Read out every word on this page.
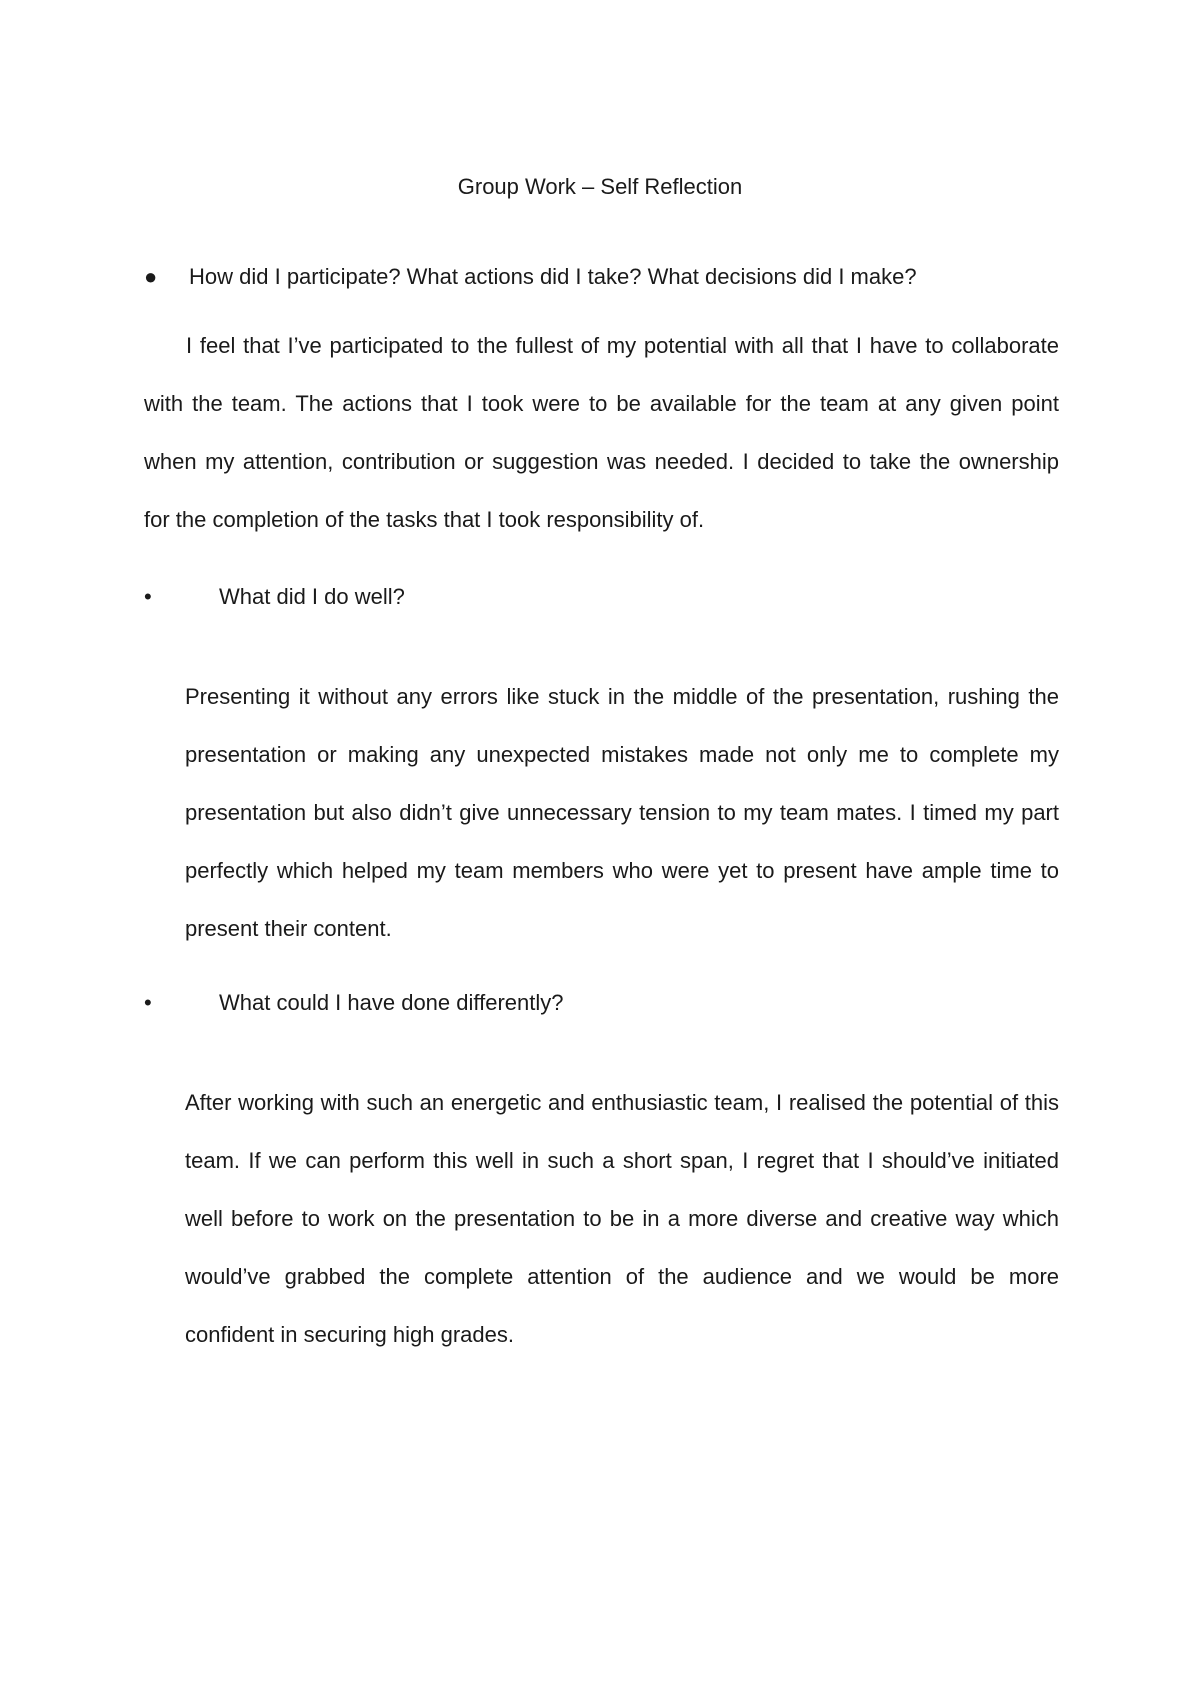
Group Work – Self Reflection
● How did I participate? What actions did I take? What decisions did I make?

I feel that I’ve participated to the fullest of my potential with all that I have to collaborate with the team. The actions that I took were to be available for the team at any given point when my attention, contribution or suggestion was needed. I decided to take the ownership for the completion of the tasks that I took responsibility of.

•	What did I do well?

Presenting it without any errors like stuck in the middle of the presentation, rushing the presentation or making any unexpected mistakes made not only me to complete my presentation but also didn’t give unnecessary tension to my team mates. I timed my part perfectly which helped my team members who were yet to present have ample time to present their content.

•	What could I have done differently?

After working with such an energetic and enthusiastic team, I realised the potential of this team. If we can perform this well in such a short span, I regret that I should’ve initiated well before to work on the presentation to be in a more diverse and creative way which would’ve grabbed the complete attention of the audience and we would be more confident in securing high grades.
